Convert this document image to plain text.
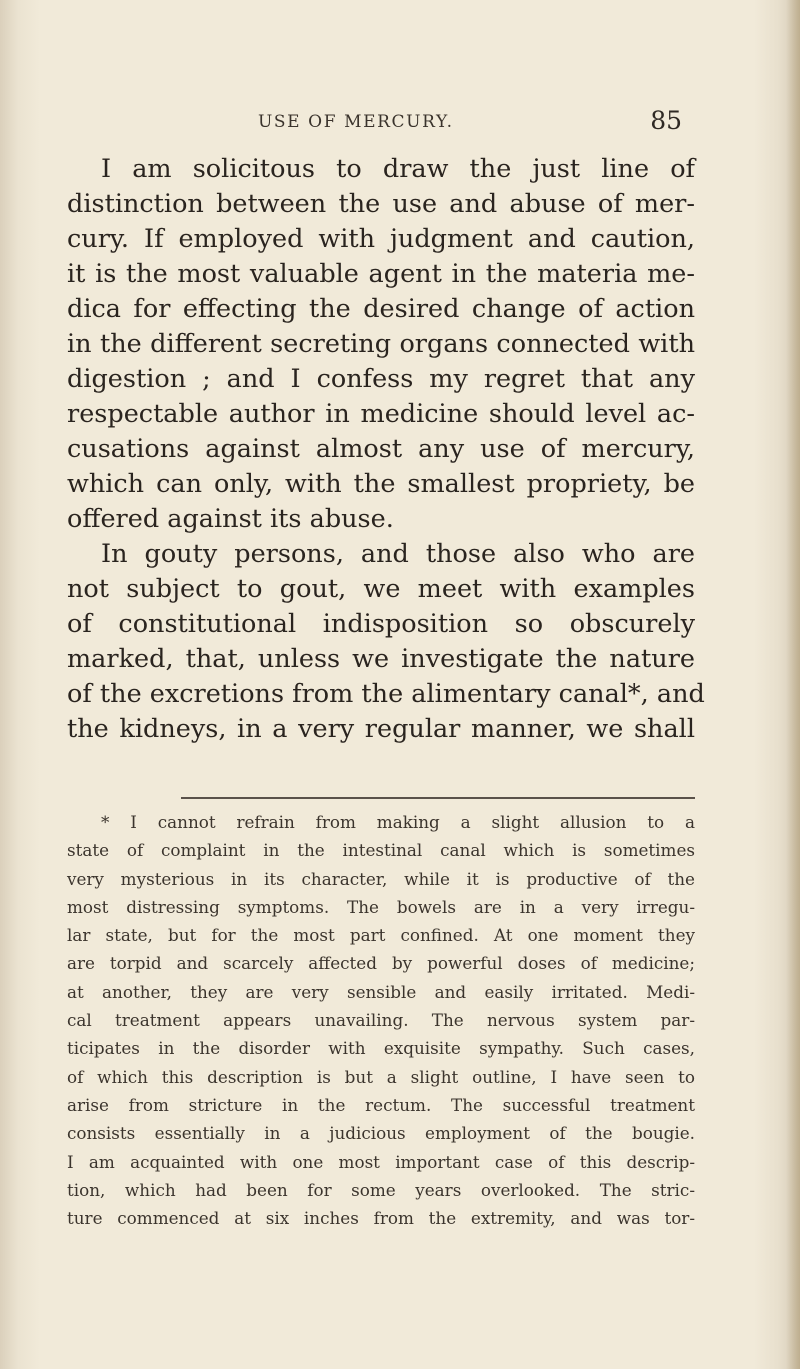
USE OF MERCURY.	85
I am solicitous to draw the just line of
distinction between the use and abuse of mer-
cury. If employed with judgment and caution,
it is the most valuable agent in the materia me-
dica for effecting the desired change of action
in the different secreting organs connected with
digestion ; and I confess my regret that any
respectable author in medicine should level ac-
cusations against almost any use of mercury,
which can only, with the smallest propriety, be
offered against its abuse.
In gouty persons, and those also who are
not subject to gout, we meet with examples
of constitutional indisposition so obscurely
marked, that, unless we investigate the nature
of the excretions from the alimentary canal*, and
the kidneys, in a very regular manner, we shall
* I cannot refrain from making a slight allusion to a
state of complaint in the intestinal canal which is sometimes
very mysterious in its character, while it is productive of the
most distressing symptoms. The bowels are in a very irregu-
lar state, but for the most part confined. At one moment they
are torpid and scarcely affected by powerful doses of medicine;
at another, they are very sensible and easily irritated. Medi-
cal treatment appears unavailing. The nervous system par-
ticipates in the disorder with exquisite sympathy. Such cases,
of which this description is but a slight outline, I have seen to
arise from stricture in the rectum. The successful treatment
consists essentially in a judicious employment of the bougie.
I am acquainted with one most important case of this descrip-
tion, which had been for some years overlooked. The stric-
ture commenced at six inches from the extremity, and was tor-
